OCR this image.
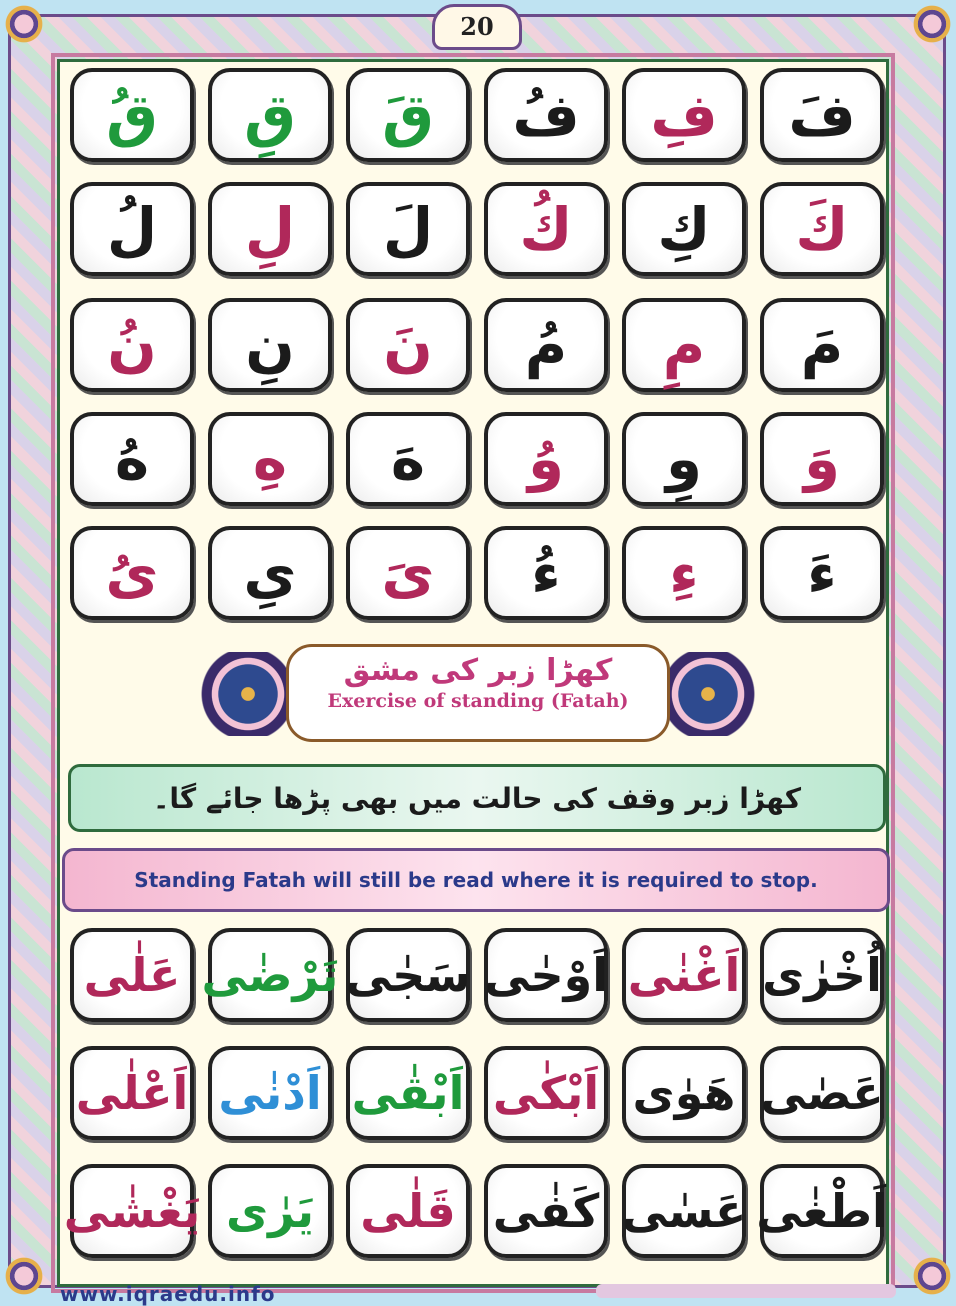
20
فَ
فِ
فُ
قَ
قِ
قُ
كَ
كِ
كُ
لَ
لِ
لُ
مَ
مِ
مُ
نَ
نِ
نُ
وَ
وِ
وُ
هَ
هِ
هُ
ءَ
ءِ
ءُ
یَ
یِ
یُ
کھڑا زبر کی مشق
Exercise of standing (Fatah)
کھڑا زبر وقف کی حالت میں بھی پڑھا جائے گا۔
Standing Fatah will still be read where it is required to stop.
اُخْرٰی
اَغْنٰی
اَوْحٰی
سَجٰی
تَرْضٰی
عَلٰی
عَصٰی
هَوٰی
اَبْكٰی
اَبْقٰی
اَدْنٰی
اَعْلٰی
اَطْغٰی
عَسٰی
كَفٰی
قَلٰی
يَرٰی
يَغْشٰی
www.iqraedu.info
